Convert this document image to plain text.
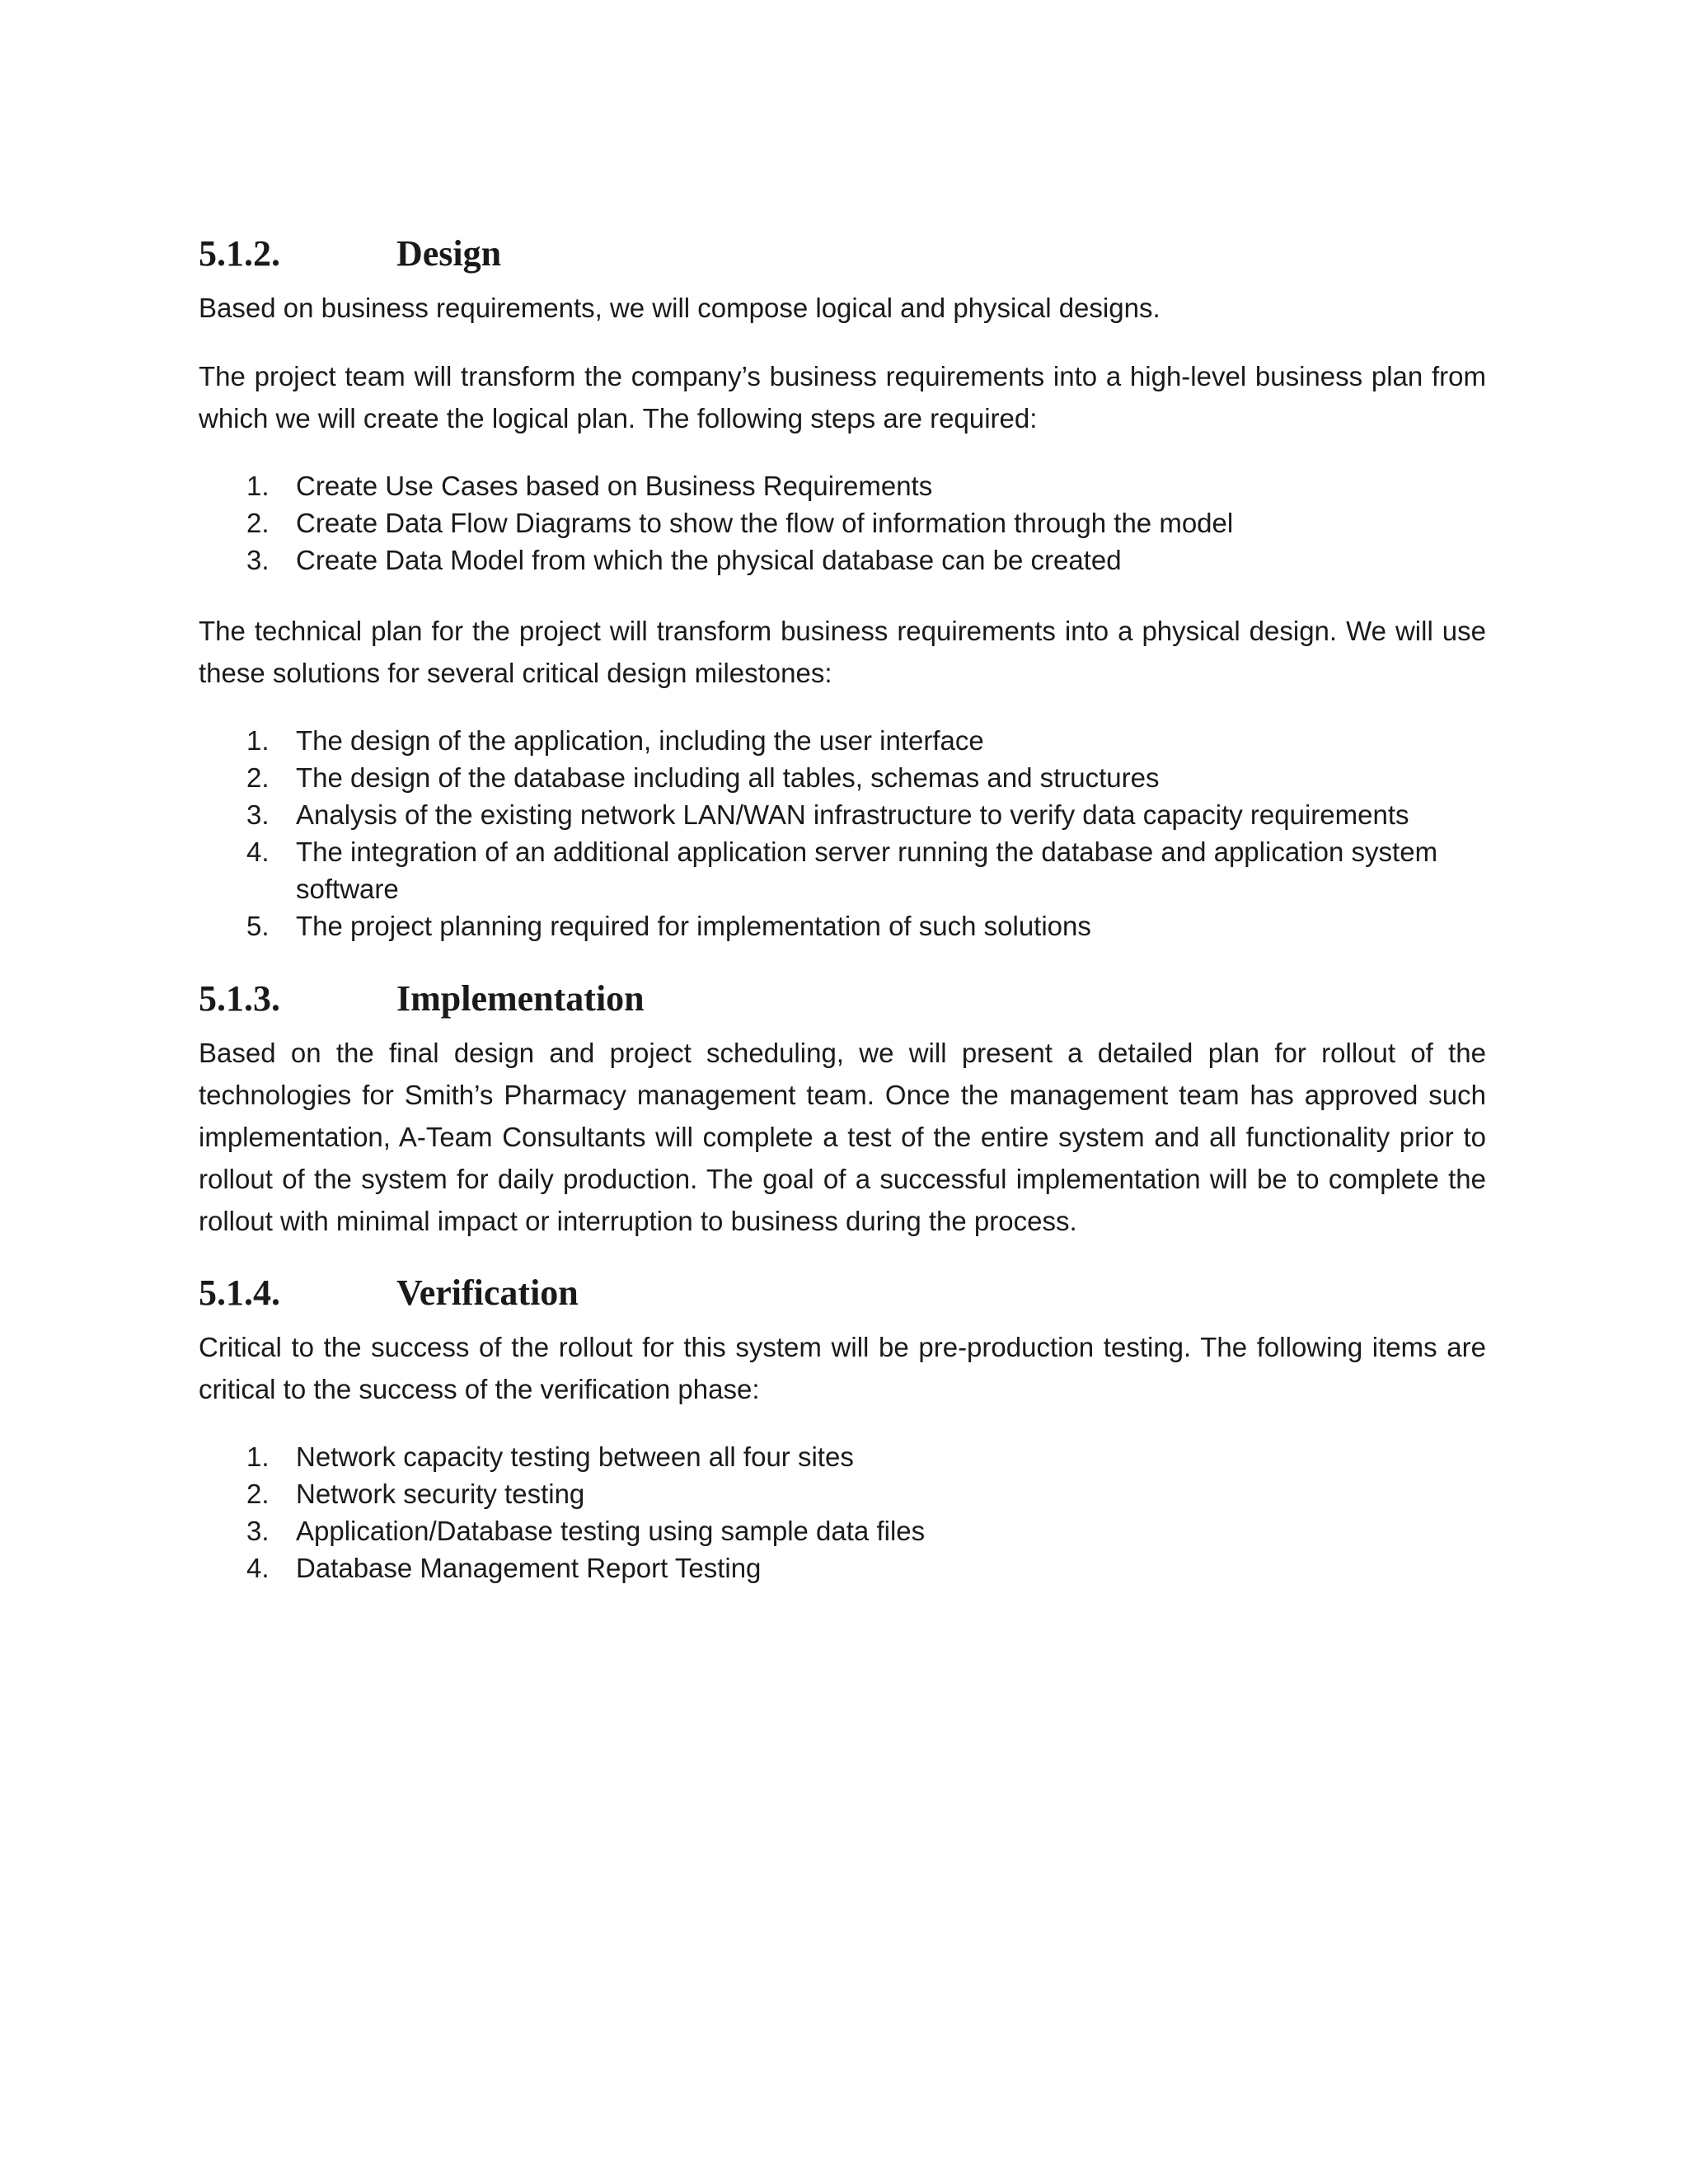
5.1.2.	Design

Based on business requirements, we will compose logical and physical designs.

The project team will transform the company’s business requirements into a high-level business plan from which we will create the logical plan. The following steps are required:

1. Create Use Cases based on Business Requirements
2. Create Data Flow Diagrams to show the flow of information through the model
3. Create Data Model from which the physical database can be created

The technical plan for the project will transform business requirements into a physical design. We will use these solutions for several critical design milestones:

1. The design of the application, including the user interface
2. The design of the database including all tables, schemas and structures
3. Analysis of the existing network LAN/WAN infrastructure to verify data capacity requirements
4. The integration of an additional application server running the database and application system software
5. The project planning required for implementation of such solutions
5.1.3.	Implementation

Based on the final design and project scheduling, we will present a detailed plan for rollout of the technologies for Smith’s Pharmacy management team. Once the management team has approved such implementation, A-Team Consultants will complete a test of the entire system and all functionality prior to rollout of the system for daily production. The goal of a successful implementation will be to complete the rollout with minimal impact or interruption to business during the process.

5.1.4.	Verification

Critical to the success of the rollout for this system will be pre-production testing. The following items are critical to the success of the verification phase:

1. Network capacity testing between all four sites
2. Network security testing
3. Application/Database testing using sample data files
4. Database Management Report Testing
